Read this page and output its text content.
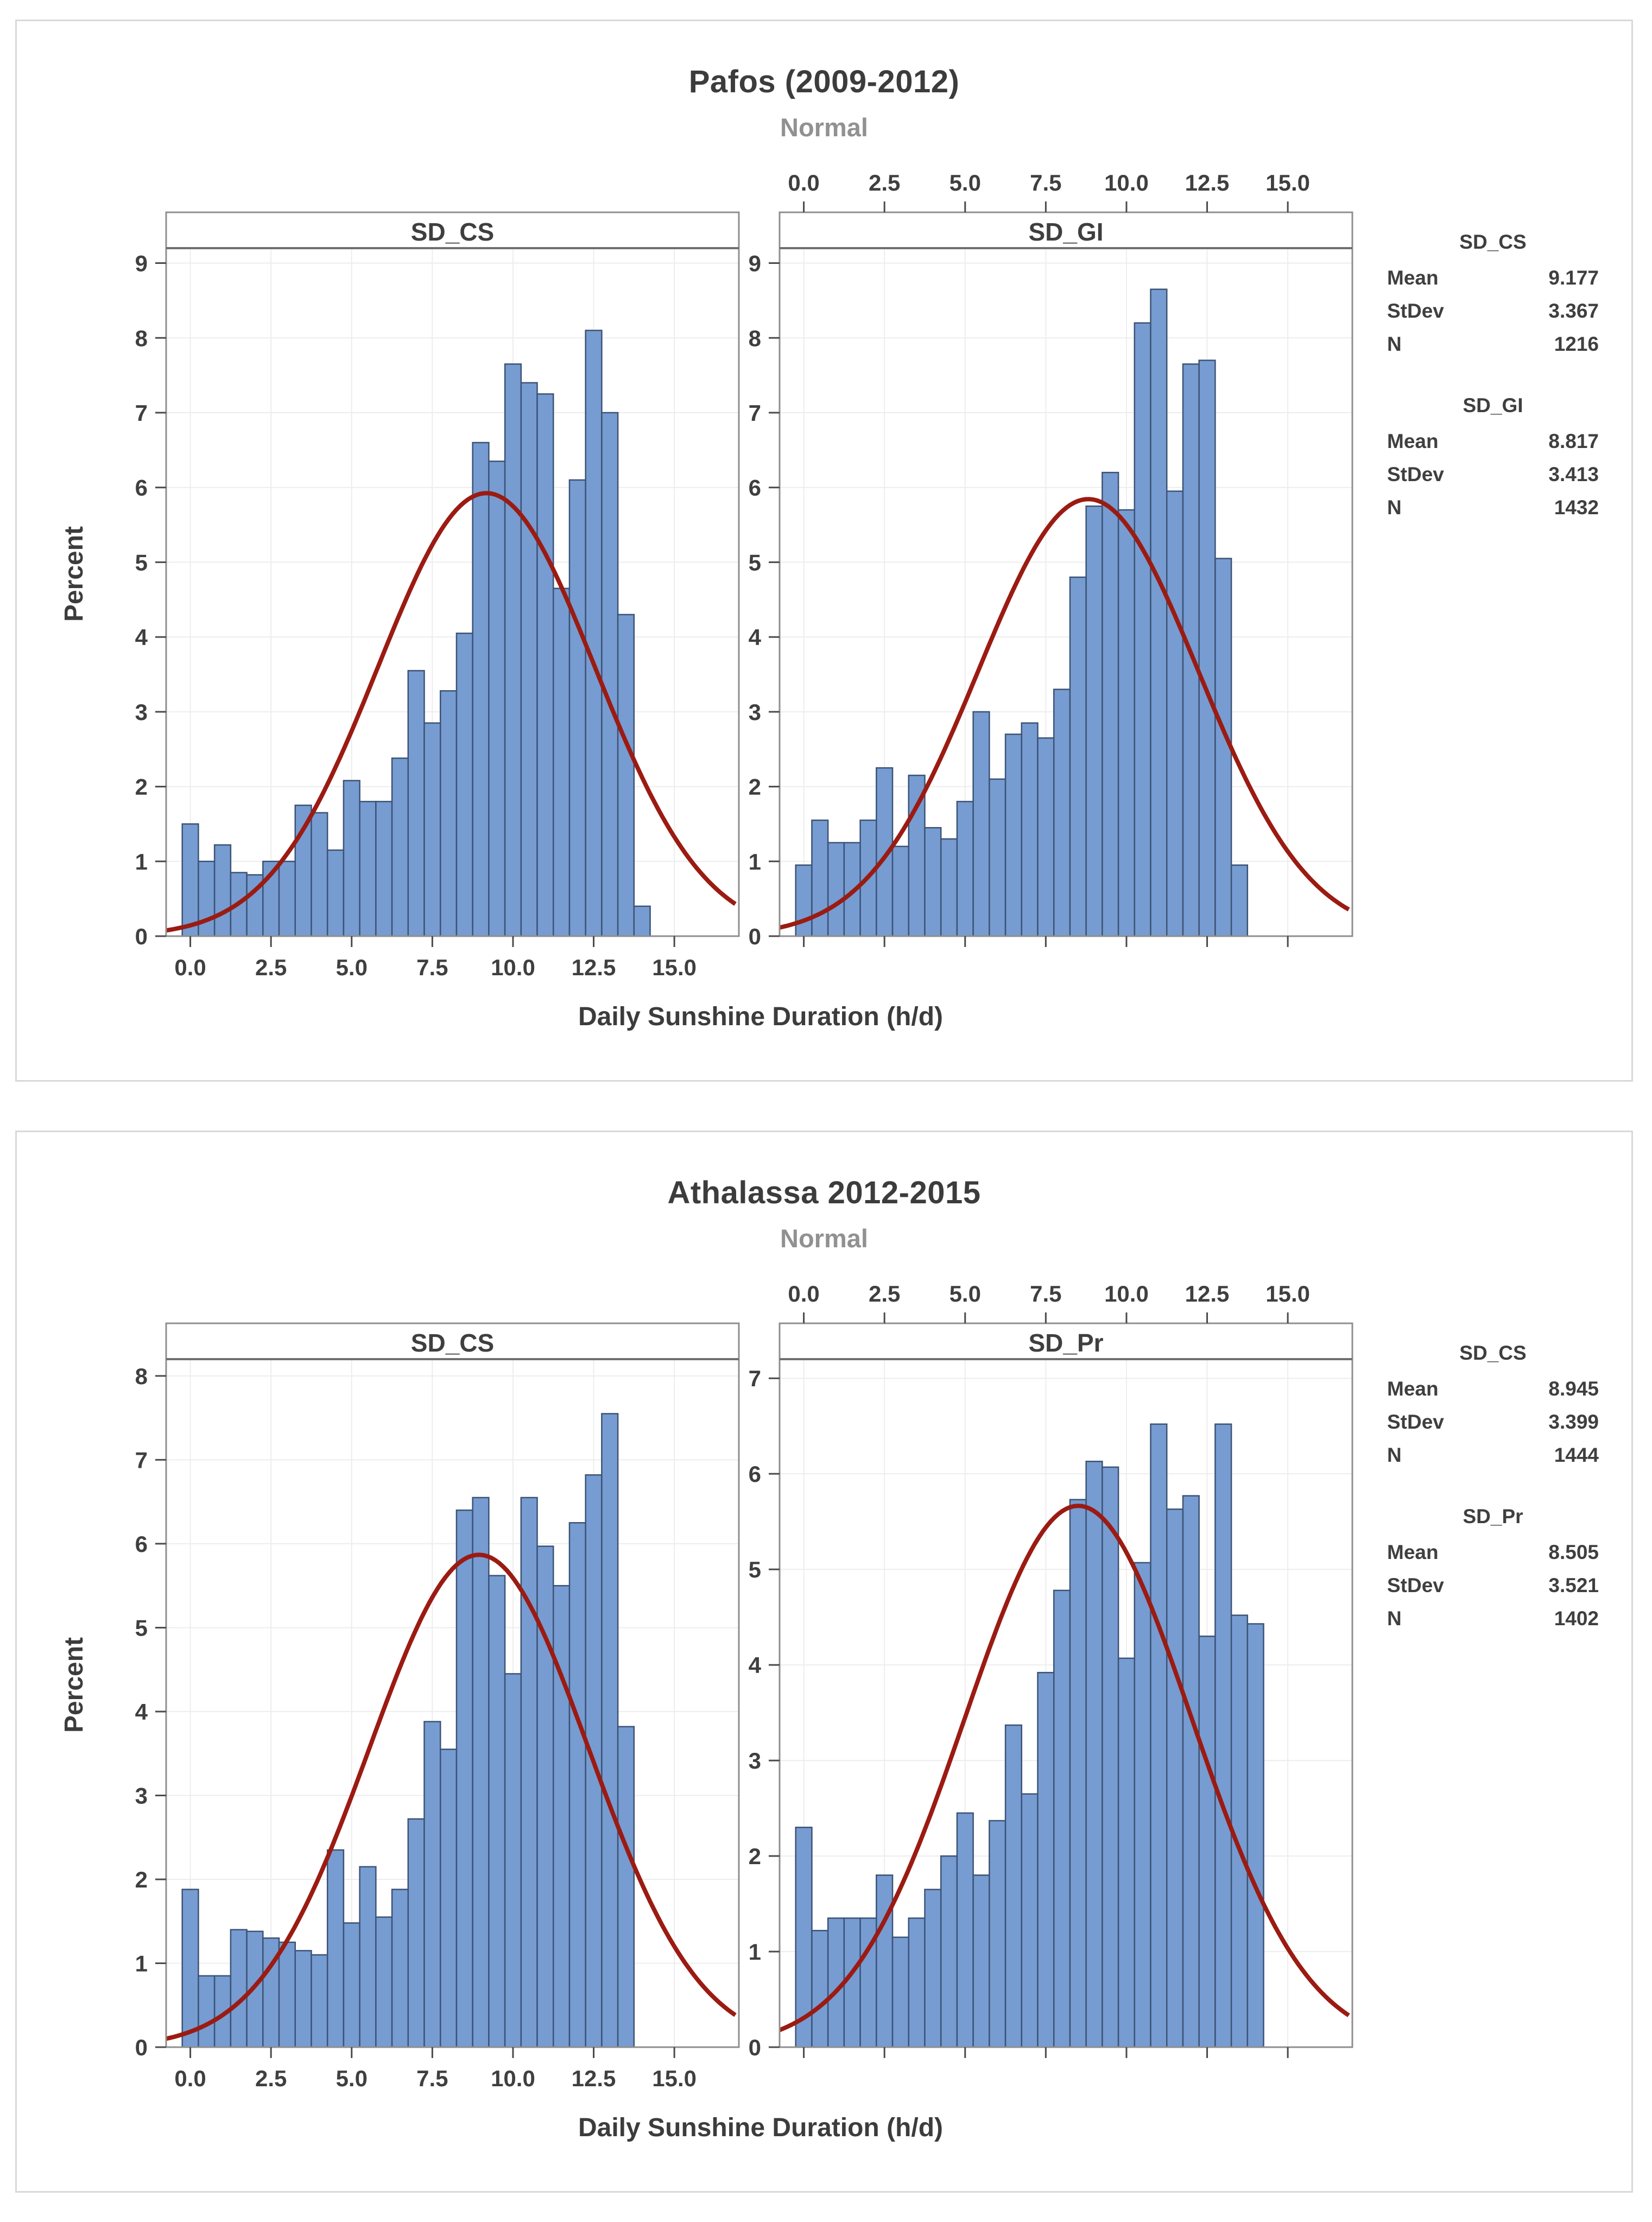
Pafos (2009-2012)
Normal
Percent
SD_CS
0
1
2
3
4
5
6
7
8
9
0.0 2.5 5.0 7.5 10.0 12.5 15.0
SD_GI
0
1
2
3
4
5
6
7
8
9
0.0 2.5 5.0 7.5 10.0 12.5 15.0
Daily Sunshine Duration (h/d)
SD_CS
Mean	9.177
StDev	3.367
N	1216
SD_GI
Mean	8.817
StDev	3.413
N	1432
Athalassa 2012-2015
Normal
Percent
SD_CS
0
1
2
3
4
5
6
7
8
0.0 2.5 5.0 7.5 10.0 12.5 15.0
SD_Pr
0
1
2
3
4
5
6
7
0.0 2.5 5.0 7.5 10.0 12.5 15.0
Daily Sunshine Duration (h/d)
SD_CS
Mean	8.945
StDev	3.399
N	1444
SD_Pr
Mean	8.505
StDev	3.521
N	1402
